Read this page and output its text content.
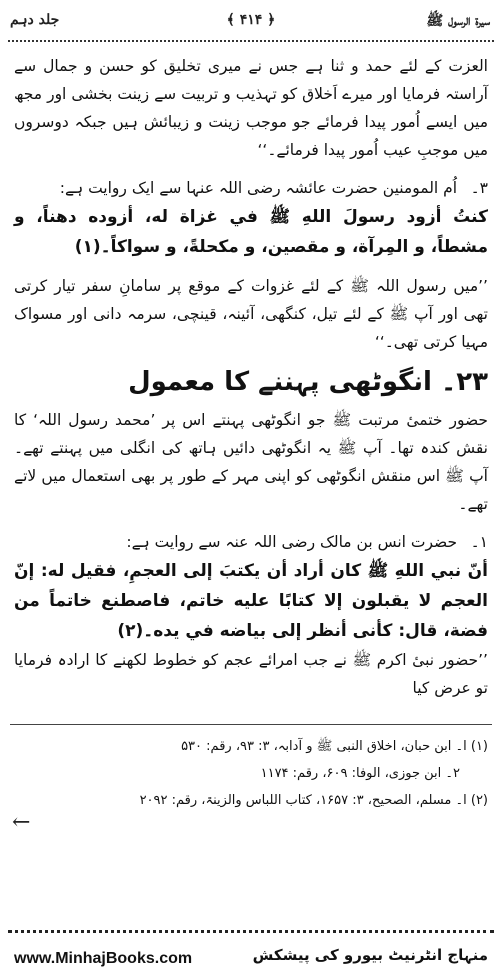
سیرۃ الرسول ﷺ
﴿ ۴۱۴ ﴾
جلد دہم

العزت کے لئے حمد و ثنا ہے جس نے میری تخلیق کو حسن و جمال سے آراستہ فرمایا اور میرے اَخلاق کو تہذیب و تربیت سے زینت بخشی اور مجھ میں ایسے اُمور پیدا فرمائے جو موجب زینت و زیبائش ہیں جبکہ دوسروں میں موجبِ عیب اُمور پیدا فرمائے۔‘‘

۳۔ اُم المومنین حضرت عائشہ رضی اللہ عنہا سے ایک روایت ہے:

كنتُ أزود رسولَ اللهِ ﷺ في غزاة له، أزوده دهناً، و مشطاً، و المِرآة، و مقصين، و مكحلةً، و سواكاً۔(۱)

’’میں رسول اللہ ﷺ کے لئے غزوات کے موقع پر سامانِ سفر تیار کرتی تھی اور آپ ﷺ کے لئے تیل، کنگھی، آئینہ، قینچی، سرمہ دانی اور مسواک مہیا کرتی تھی۔‘‘

۲۳۔ انگوٹھی پہننے کا معمول

حضور ختمیٔ مرتبت ﷺ جو انگوٹھی پہنتے اس پر ’محمد رسول اللہ‘ کا نقش کندہ تھا۔ آپ ﷺ یہ انگوٹھی دائیں ہاتھ کی انگلی میں پہنتے تھے۔ آپ ﷺ اس منقش انگوٹھی کو اپنی مہر کے طور پر بھی استعمال میں لاتے تھے۔

۱۔ حضرت انس بن مالک رضی اللہ عنہ سے روایت ہے:

أنّ نبي اللهِ ﷺ كان أراد أن يكتبَ إلى العجمِ، فقيل له: إنّ العجم لا يقبلون إلا كتابًا عليه خاتم، فاصطنع خاتماً من فضة، قال: كأنى أنظر إلى بياضه في يده۔(۲)

’’حضور نبیٔ اکرم ﷺ نے جب امرائے عجم کو خطوط لکھنے کا ارادہ فرمایا تو عرض کیا

(۱) ا۔ ابن حبان، اخلاق النبی ﷺ و آدابہ، ۳: ۹۳، رقم: ۵۳۰
۲۔ ابن جوزی، الوفا: ۶۰۹، رقم: ۱۱۷۴
(۲) ا۔ مسلم، الصحیح، ۳: ۱۶۵۷، کتاب اللباس والزینۃ، رقم: ۲۰۹۲
←
www.MinhajBooks.com	منہاج انٹرنیٹ بیورو کی پیشکش
